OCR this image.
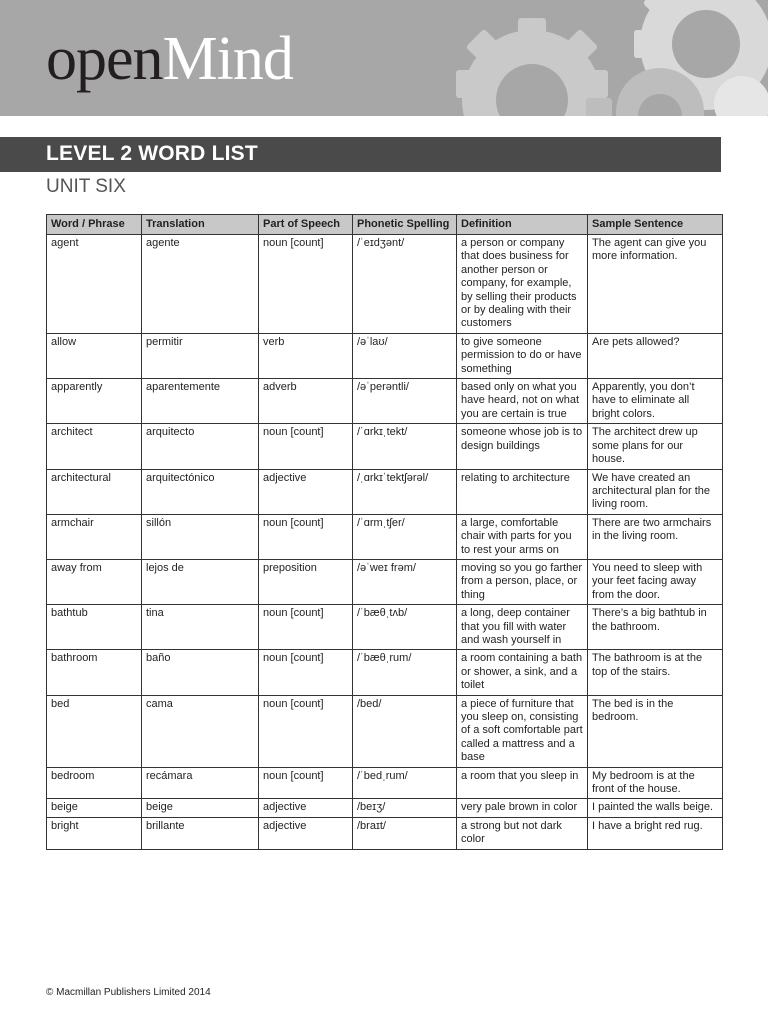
openMind
LEVEL 2 WORD LIST
UNIT SIX
Word / Phrase	Translation	Part of Speech	Phonetic Spelling	Definition	Sample Sentence
agent	agente	noun [count]	/ˈeɪdʒənt/	a person or company that does business for another person or company, for example, by selling their products or by dealing with their customers	The agent can give you more information.
allow	permitir	verb	/əˈlaʊ/	to give someone permission to do or have something	Are pets allowed?
apparently	aparentemente	adverb	/əˈperəntli/	based only on what you have heard, not on what you are certain is true	Apparently, you don’t have to eliminate all bright colors.
architect	arquitecto	noun [count]	/ˈɑrkɪˌtekt/	someone whose job is to design buildings	The architect drew up some plans for our house.
architectural	arquitectónico	adjective	/ˌɑrkɪˈtektʃərəl/	relating to architecture	We have created an architectural plan for the living room.
armchair	sillón	noun [count]	/ˈɑrmˌtʃer/	a large, comfortable chair with parts for you to rest your arms on	There are two armchairs in the living room.
away from	lejos de	preposition	/əˈweɪ frəm/	moving so you go farther from a person, place, or thing	You need to sleep with your feet facing away from the door.
bathtub	tina	noun [count]	/ˈbæθˌtʌb/	a long, deep container that you fill with water and wash yourself in	There’s a big bathtub in the bathroom.
bathroom	baño	noun [count]	/ˈbæθˌrum/	a room containing a bath or shower, a sink, and a toilet	The bathroom is at the top of the stairs.
bed	cama	noun [count]	/bed/	a piece of furniture that you sleep on, consisting of a soft comfortable part called a mattress and a base	The bed is in the bedroom.
bedroom	recámara	noun [count]	/ˈbedˌrum/	a room that you sleep in	My bedroom is at the front of the house.
beige	beige	adjective	/beɪʒ/	very pale brown in color	I painted the walls beige.
bright	brillante	adjective	/braɪt/	a strong but not dark color	I have a bright red rug.
© Macmillan Publishers Limited 2014
